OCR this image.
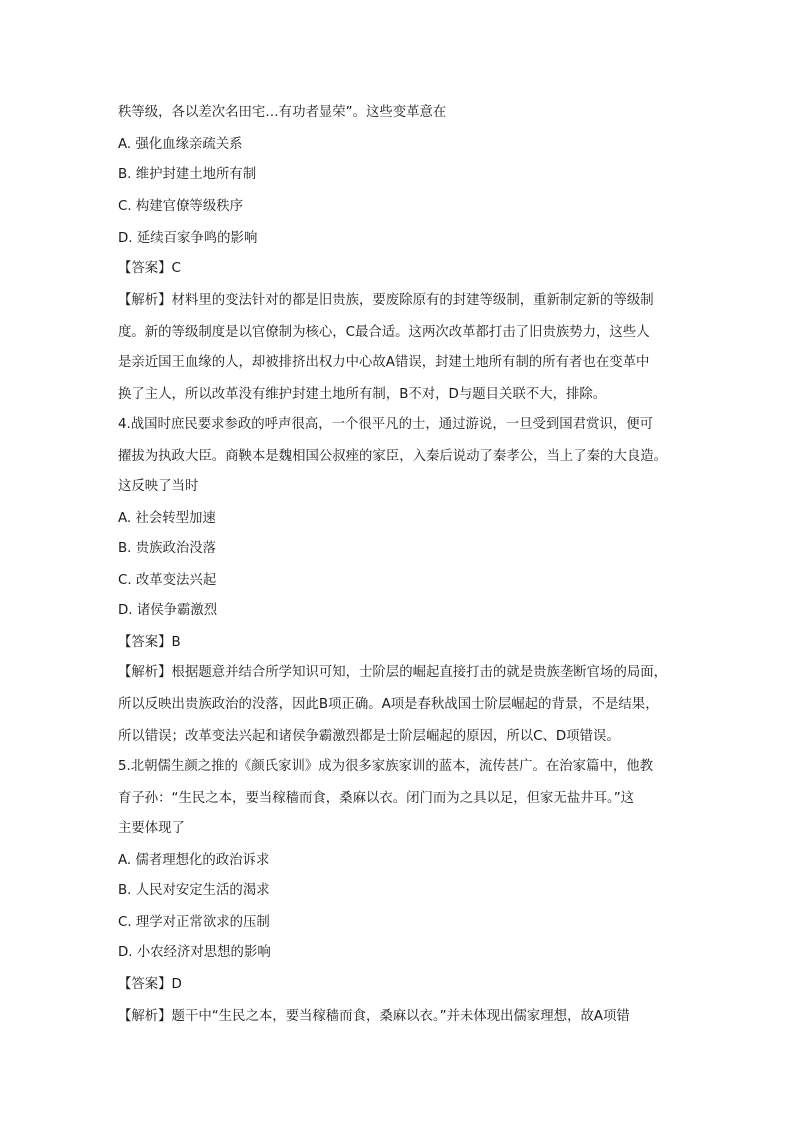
秩等级，各以差次名田宅…有功者显荣”。这些变革意在
A. 强化血缘亲疏关系
B. 维护封建土地所有制
C. 构建官僚等级秩序
D. 延续百家争鸣的影响
【答案】C
【解析】材料里的变法针对的都是旧贵族，要废除原有的封建等级制，重新制定新的等级制
度。新的等级制度是以官僚制为核心，C最合适。这两次改革都打击了旧贵族势力，这些人
是亲近国王血缘的人，却被排挤出权力中心故A错误，封建土地所有制的所有者也在变革中
换了主人，所以改革没有维护封建土地所有制，B不对，D与题目关联不大，排除。
4.战国时庶民要求参政的呼声很高，一个很平凡的士，通过游说，一旦受到国君赏识，便可
擢拔为执政大臣。商鞅本是魏相国公叔痤的家臣，入秦后说动了秦孝公，当上了秦的大良造。
这反映了当时
A. 社会转型加速
B. 贵族政治没落
C. 改革变法兴起
D. 诸侯争霸激烈
【答案】B
【解析】根据题意并结合所学知识可知，士阶层的崛起直接打击的就是贵族垄断官场的局面，
所以反映出贵族政治的没落，因此B项正确。A项是春秋战国士阶层崛起的背景，不是结果，
所以错误；改革变法兴起和诸侯争霸激烈都是士阶层崛起的原因，所以C、D项错误。
5.北朝儒生颜之推的《颜氏家训》成为很多家族家训的蓝本，流传甚广。在治家篇中，他教
育子孙：“生民之本，要当稼穑而食，桑麻以衣。闭门而为之具以足，但家无盐井耳。”这
主要体现了
A. 儒者理想化的政治诉求
B. 人民对安定生活的渴求
C. 理学对正常欲求的压制
D. 小农经济对思想的影响
【答案】D
【解析】题干中“生民之本，要当稼穑而食，桑麻以衣。”并未体现出儒家理想，故A项错
